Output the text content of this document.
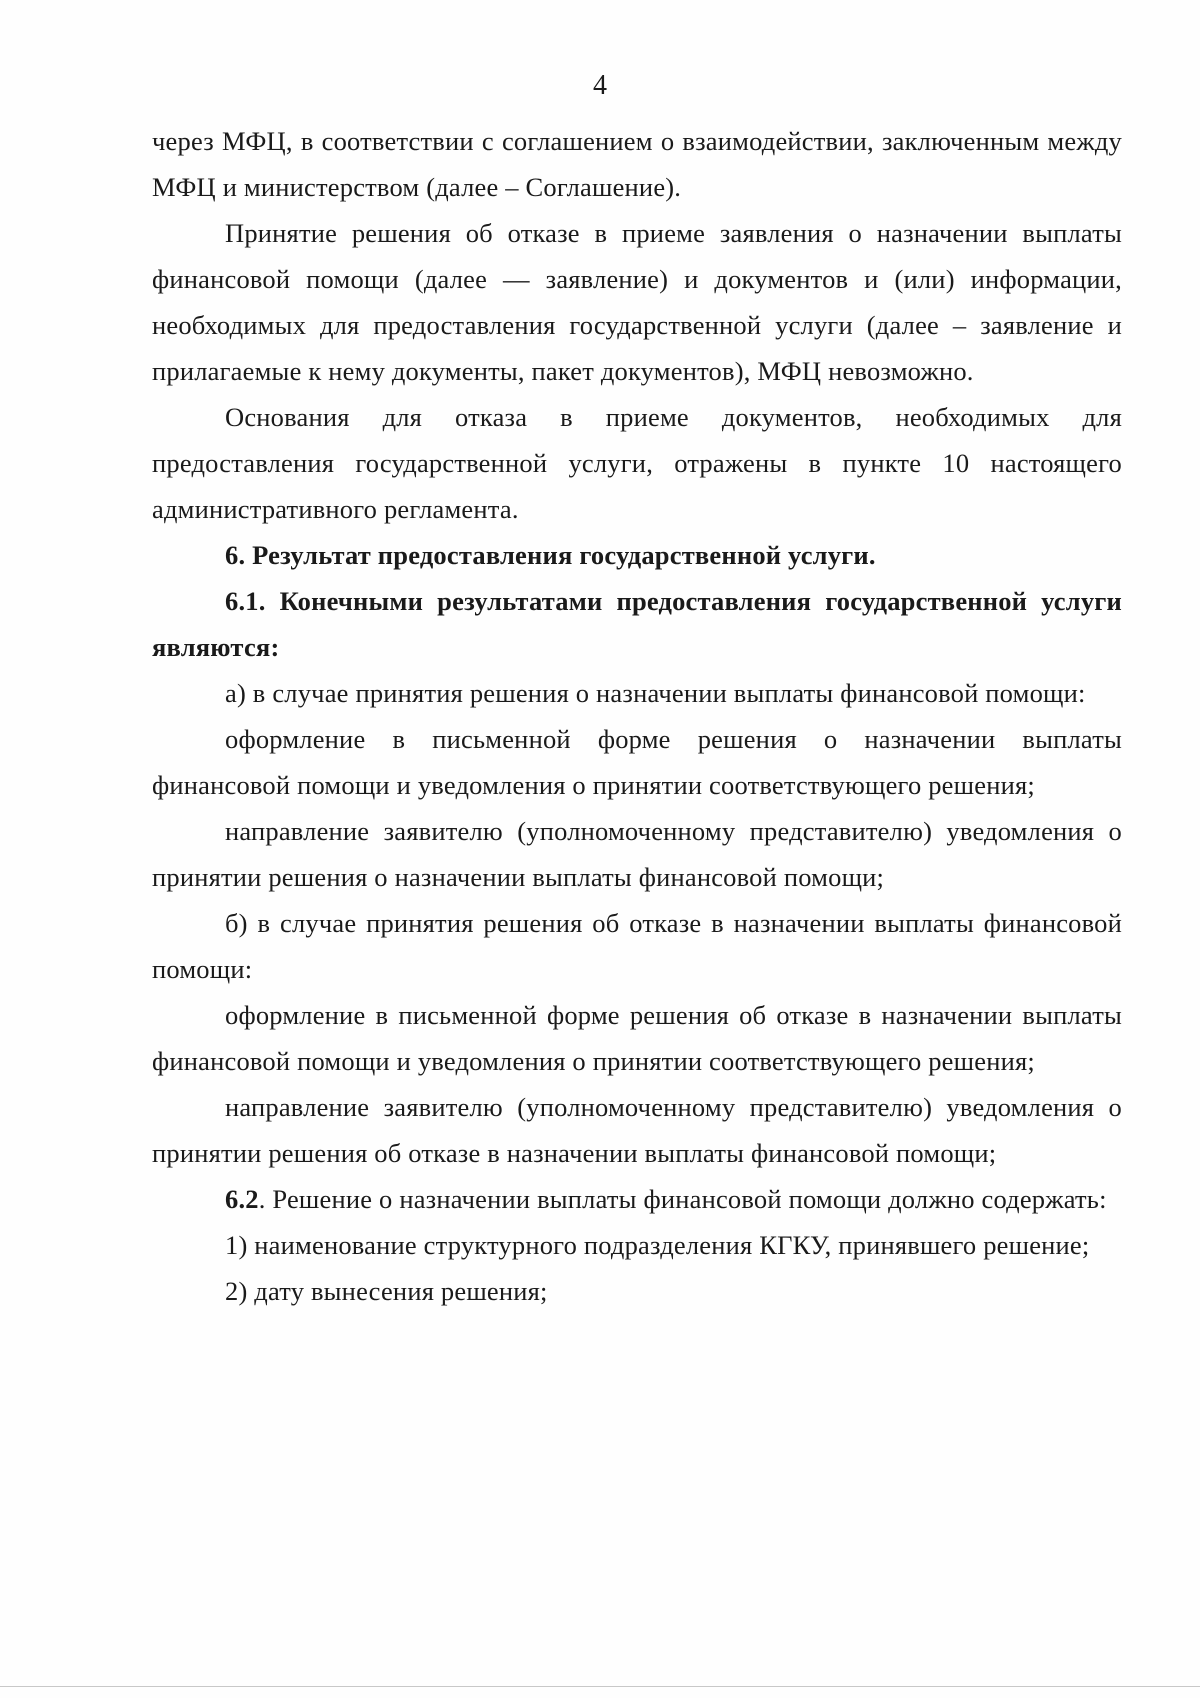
4

через МФЦ, в соответствии с соглашением о взаимодействии, заключенным между МФЦ и министерством (далее – Соглашение).

Принятие решения об отказе в приеме заявления о назначении выплаты финансовой помощи (далее — заявление) и документов и (или) информации, необходимых для предоставления государственной услуги (далее – заявление и прилагаемые к нему документы, пакет документов), МФЦ невозможно.

Основания для отказа в приеме документов, необходимых для предоставления государственной услуги, отражены в пункте 10 настоящего административного регламента.

6. Результат предоставления государственной услуги.

6.1. Конечными результатами предоставления государственной услуги являются:

а) в случае принятия решения о назначении выплаты финансовой помощи:

оформление в письменной форме решения о назначении выплаты финансовой помощи и уведомления о принятии соответствующего решения;

направление заявителю (уполномоченному представителю) уведомления о принятии решения о назначении выплаты финансовой помощи;

б) в случае принятия решения об отказе в назначении выплаты финансовой помощи:

оформление в письменной форме решения об отказе в назначении выплаты финансовой помощи и уведомления о принятии соответствующего решения;

направление заявителю (уполномоченному представителю) уведомления о принятии решения об отказе в назначении выплаты финансовой помощи;

6.2. Решение о назначении выплаты финансовой помощи должно содержать:

1) наименование структурного подразделения КГКУ, принявшего решение;

2) дату вынесения решения;
